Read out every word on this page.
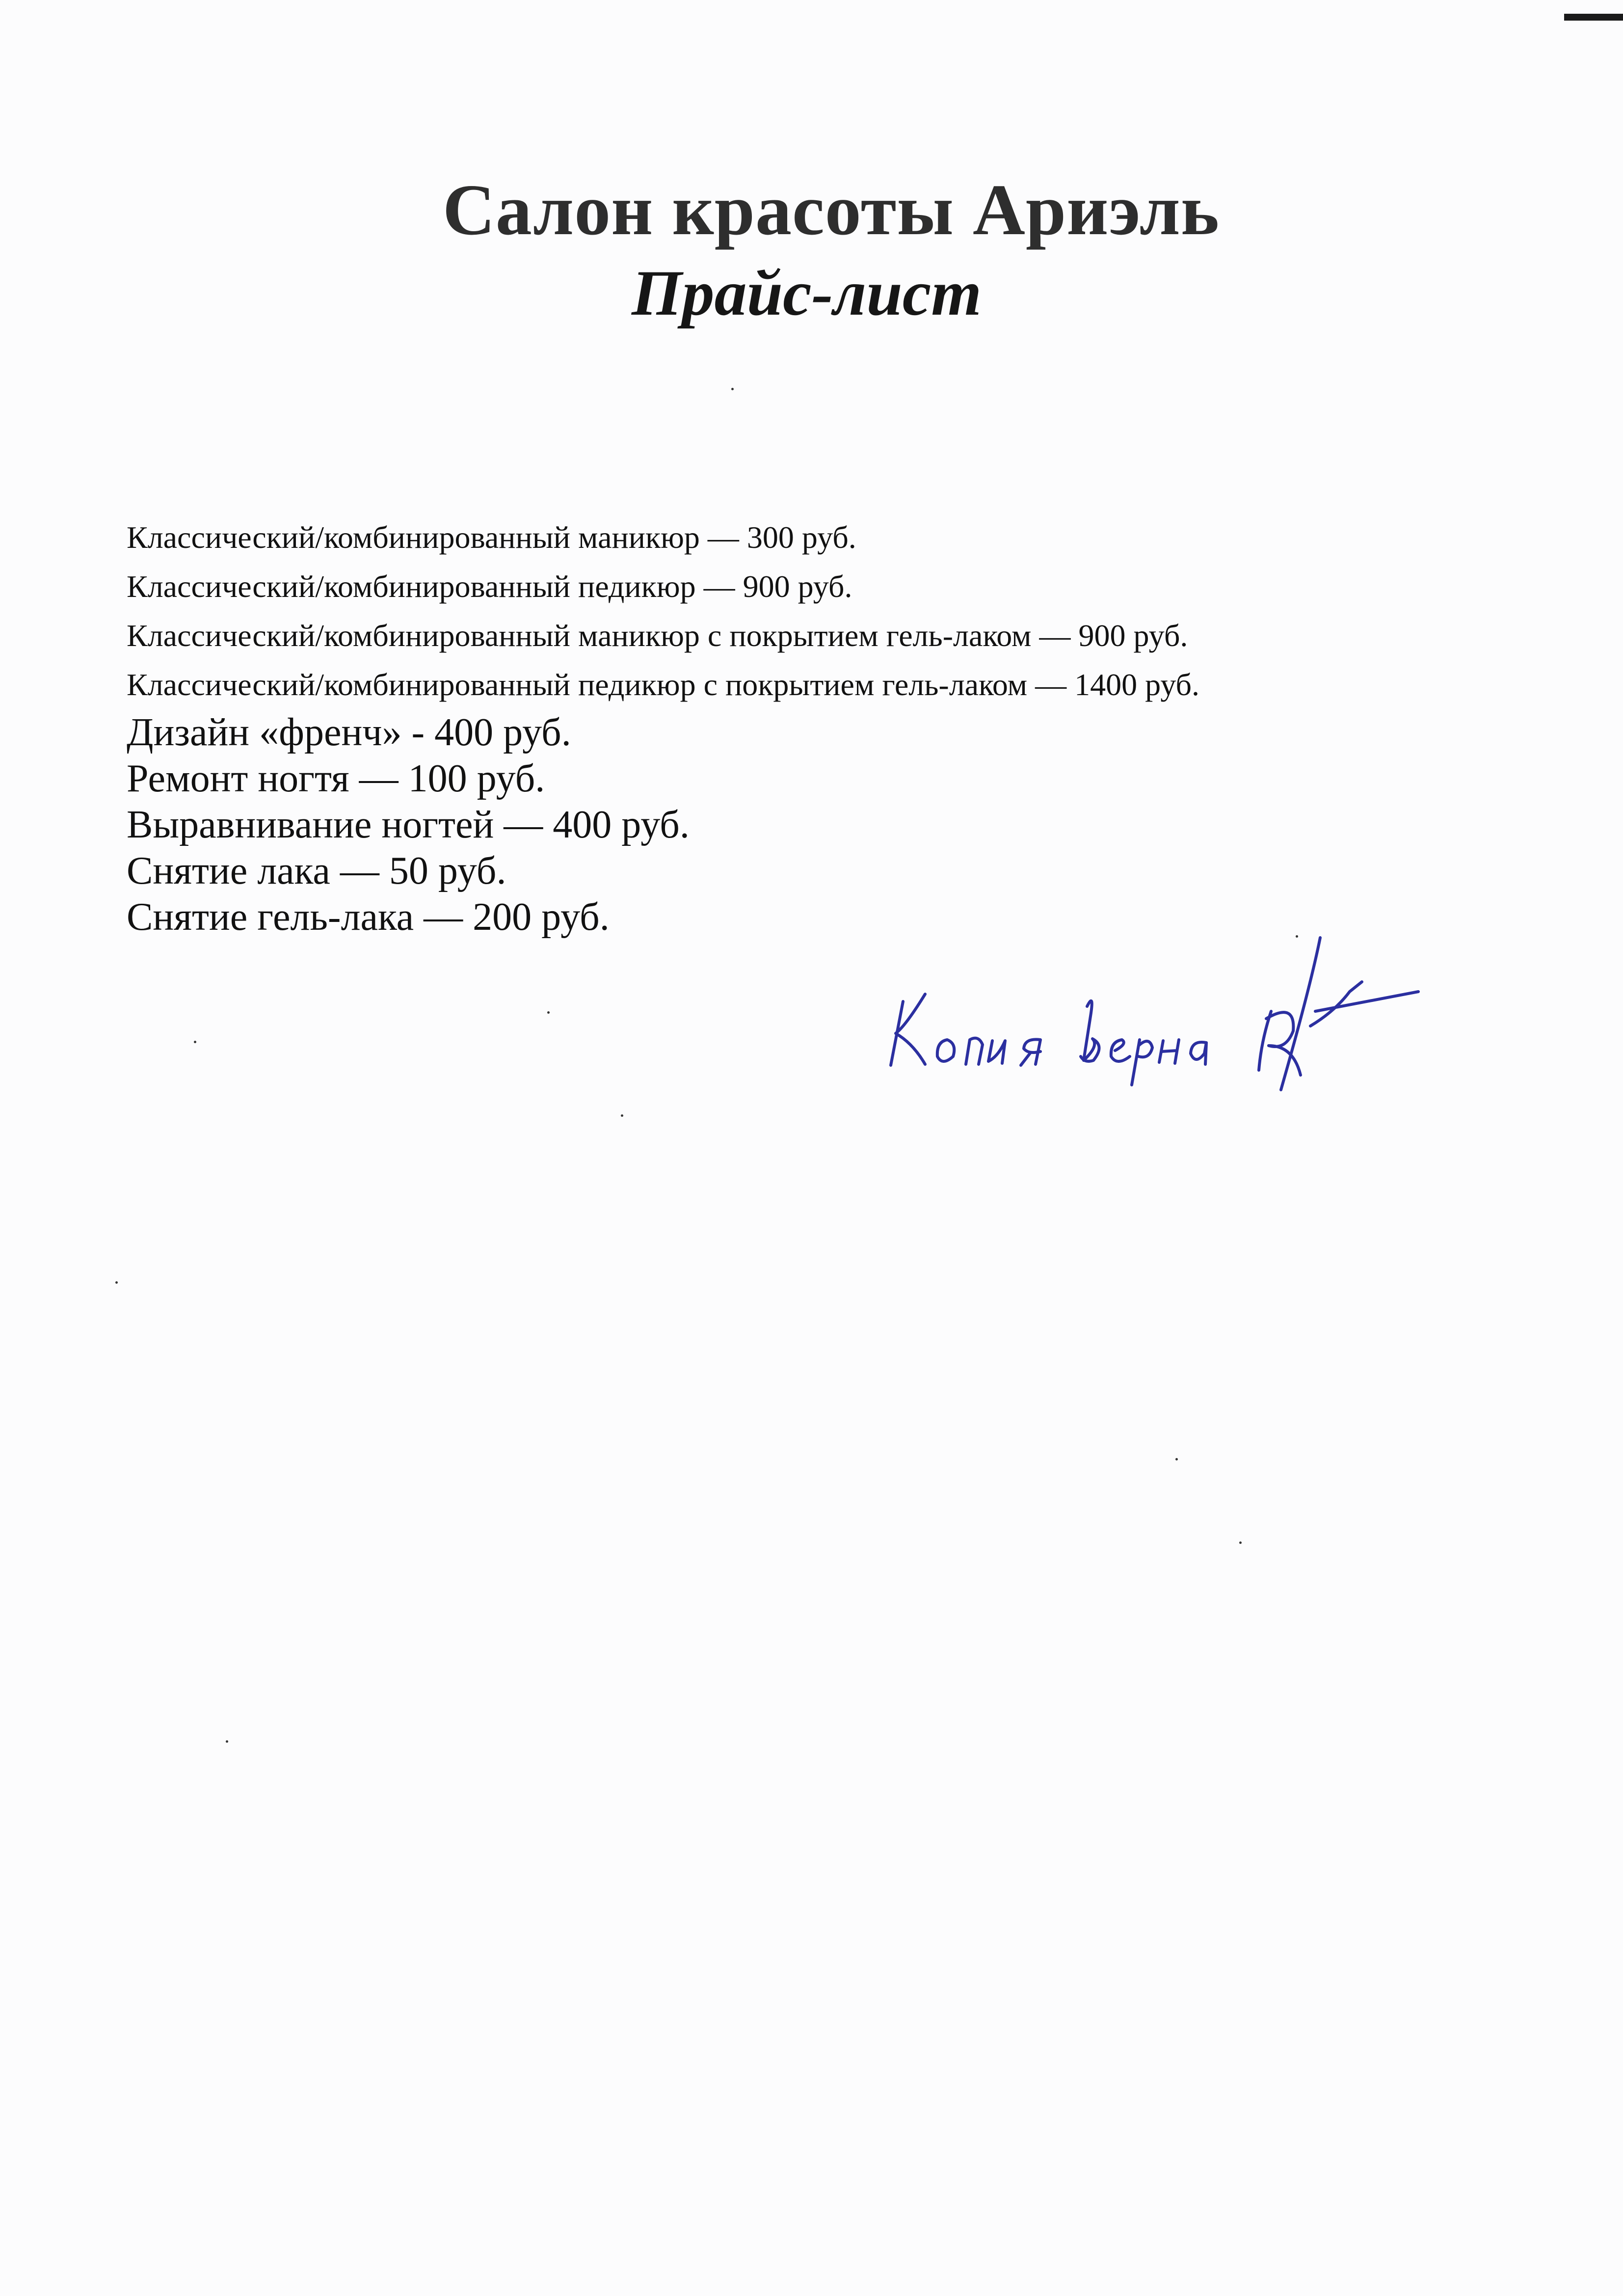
Салон красоты Ариэль
Прайс-лист
Классический/комбинированный маникюр — 300 руб.
Классический/комбинированный педикюр — 900 руб.
Классический/комбинированный маникюр с покрытием гель-лаком — 900 руб.
Классический/комбинированный педикюр с покрытием гель-лаком — 1400 руб.
Дизайн «френч» - 400 руб.
Ремонт ногтя — 100 руб.
Выравнивание ногтей — 400 руб.
Снятие лака — 50 руб.
Снятие гель-лака — 200 руб.
